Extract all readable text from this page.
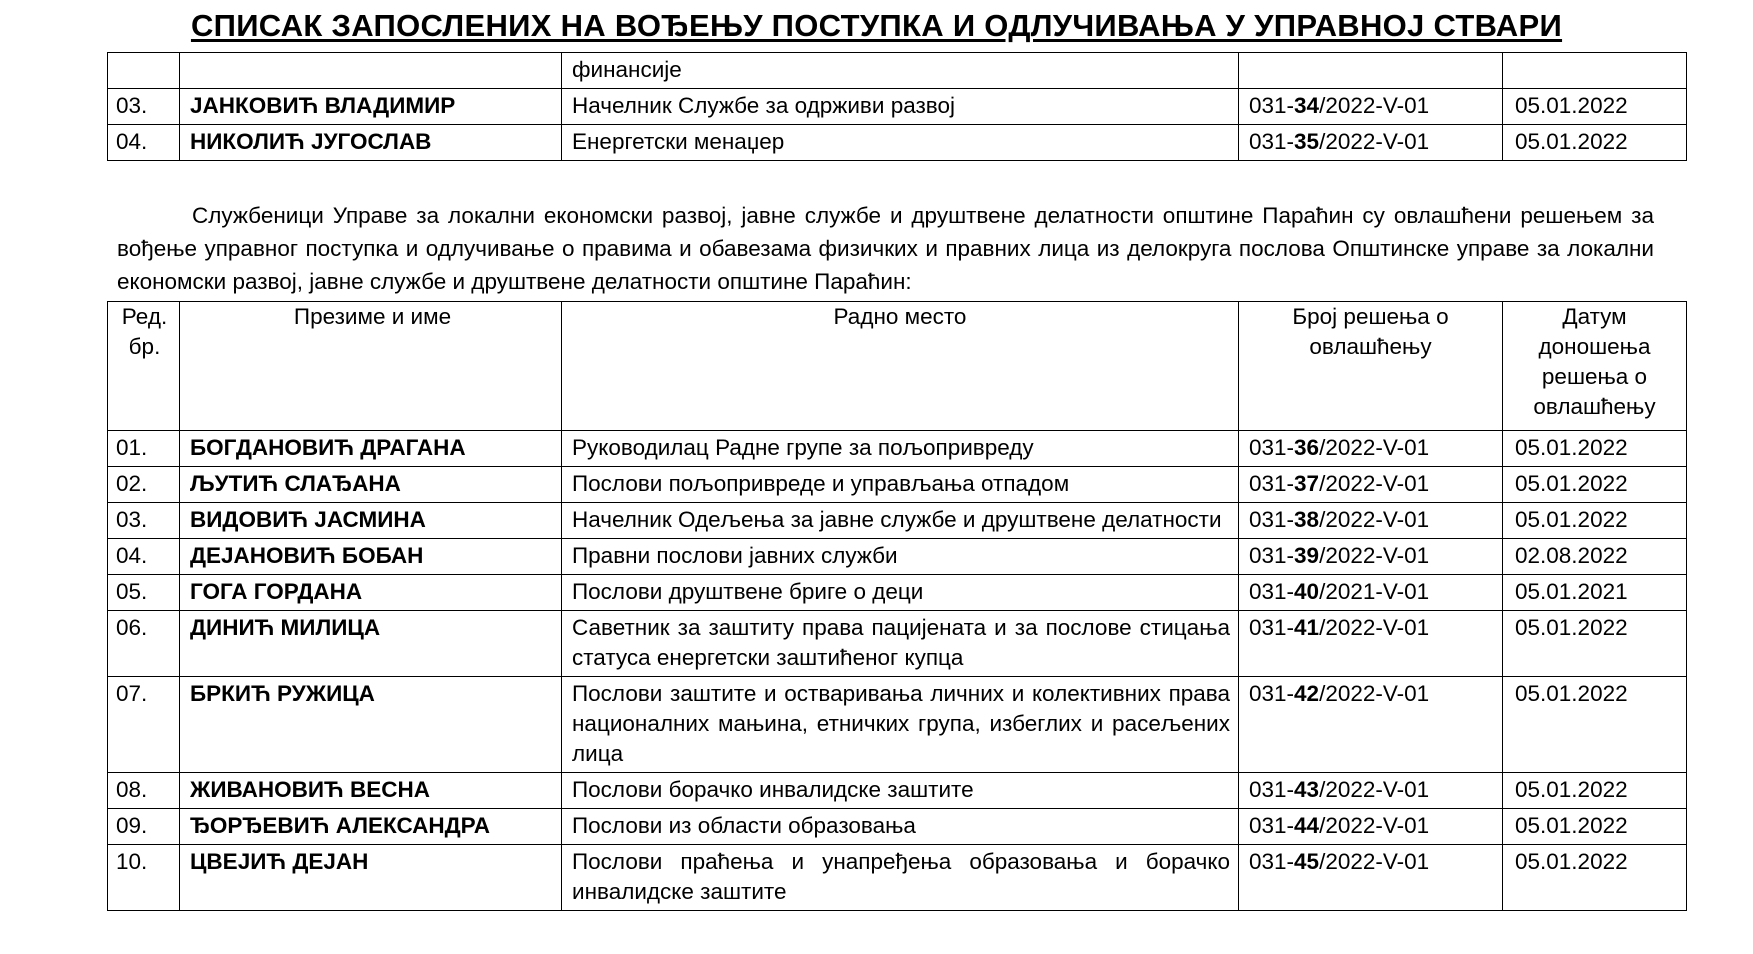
СПИСАК ЗАПОСЛЕНИХ НА ВОЂЕЊУ ПОСТУПКА И ОДЛУЧИВАЊА У УПРАВНОЈ СТВАРИ
		финансије		
03.	ЈАНКОВИЋ ВЛАДИМИР	Начелник Службе за одрживи развој	031-34/2022-V-01	05.01.2022
04.	НИКОЛИЋ ЈУГОСЛАВ	Енергетски менаџер	031-35/2022-V-01	05.01.2022
Службеници Управе за локални економски развој, јавне службе и друштвене делатности општине Параћин су овлашћени решењем за вођење управног поступка и одлучивање о правима и обавезама физичких и правних лица из делокруга послова Општинске управе за локални економски развој, јавне службе и друштвене делатности општине Параћин:
Ред. бр.	Презиме и име	Радно место	Број решења о овлашћењу	Датум доношења решења о овлашћењу
01.	БОГДАНОВИЋ ДРАГАНА	Руководилац Радне групе за пољопривреду	031-36/2022-V-01	05.01.2022
02.	ЉУТИЋ СЛАЂАНА	Послови пољопривреде и управљања отпадом	031-37/2022-V-01	05.01.2022
03.	ВИДОВИЋ ЈАСМИНА	Начелник Одељења за јавне службе и друштвене делатности	031-38/2022-V-01	05.01.2022
04.	ДЕЈАНОВИЋ БОБАН	Правни послови јавних служби	031-39/2022-V-01	02.08.2022
05.	ГОГА ГОРДАНА	Послови друштвене бриге о деци	031-40/2021-V-01	05.01.2021
06.	ДИНИЋ МИЛИЦА	Саветник за заштиту права пацијената и за послове стицања статуса енергетски заштићеног купца	031-41/2022-V-01	05.01.2022
07.	БРКИЋ РУЖИЦА	Послови заштите и остваривања личних и колективних права националних мањина, етничких група, избеглих и расељених лица	031-42/2022-V-01	05.01.2022
08.	ЖИВАНОВИЋ ВЕСНА	Послови борачко инвалидске заштите	031-43/2022-V-01	05.01.2022
09.	ЂОРЂЕВИЋ АЛЕКСАНДРА	Послови из области образовања	031-44/2022-V-01	05.01.2022
10.	ЦВЕЈИЋ ДЕЈАН	Послови праћења и унапређења образовања и борачко инвалидске заштите	031-45/2022-V-01	05.01.2022
